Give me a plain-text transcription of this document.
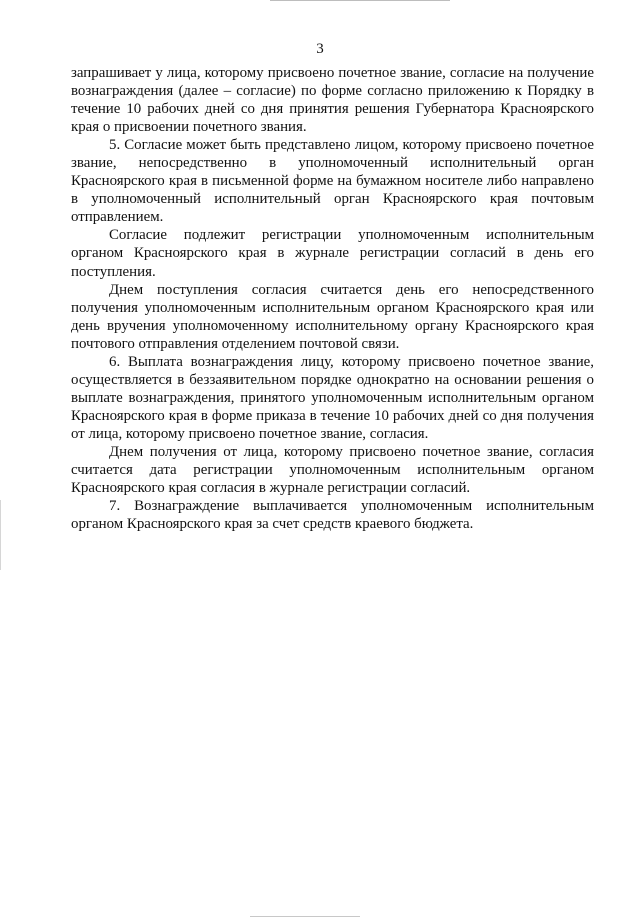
3

запрашивает у лица, которому присвоено почетное звание, согласие на получение вознаграждения (далее – согласие) по форме согласно приложению к Порядку в течение 10 рабочих дней со дня принятия решения Губернатора Красноярского края о присвоении почетного звания.

5. Согласие может быть представлено лицом, которому присвоено почетное звание, непосредственно в уполномоченный исполнительный орган Красноярского края в письменной форме на бумажном носителе либо направлено в уполномоченный исполнительный орган Красноярского края почтовым отправлением.

Согласие подлежит регистрации уполномоченным исполнительным органом Красноярского края в журнале регистрации согласий в день его поступления.

Днем поступления согласия считается день его непосредственного получения уполномоченным исполнительным органом Красноярского края или день вручения уполномоченному исполнительному органу Красноярского края почтового отправления отделением почтовой связи.

6. Выплата вознаграждения лицу, которому присвоено почетное звание, осуществляется в беззаявительном порядке однократно на основании решения о выплате вознаграждения, принятого уполномоченным исполнительным органом Красноярского края в форме приказа в течение 10 рабочих дней со дня получения от лица, которому присвоено почетное звание, согласия.

Днем получения от лица, которому присвоено почетное звание, согласия считается дата регистрации уполномоченным исполнительным органом Красноярского края согласия в журнале регистрации согласий.

7. Вознаграждение выплачивается уполномоченным исполнительным органом Красноярского края за счет средств краевого бюджета.
